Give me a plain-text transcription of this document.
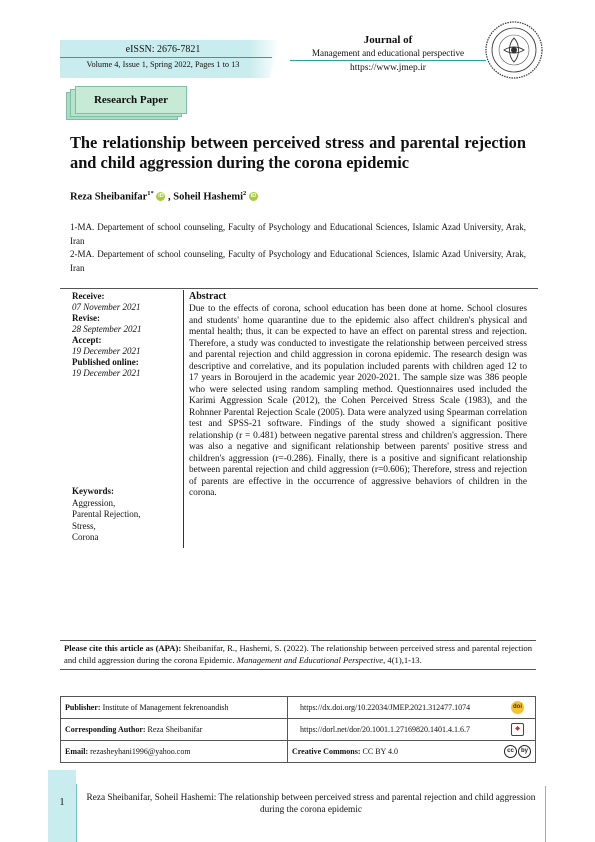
eISSN: 2676-7821
Volume 4, Issue 1, Spring 2022, Pages 1 to 13
Journal of
Management and educational perspective
https://www.jmep.ir
Research Paper
The relationship between perceived stress and parental rejection and child aggression during the corona epidemic
Reza Sheibanifar$^{1*}$ iD , Soheil Hashemi$^2$ iD
1-MA. Departement of school counseling, Faculty of Psychology and Educational Sciences, Islamic Azad University, Arak, Iran
2-MA. Departement of school counseling, Faculty of Psychology and Educational Sciences, Islamic Azad University, Arak, Iran
Receive:
07 November 2021
Revise:
28 September 2021
Accept:
19 December 2021
Published online:
19 December 2021
Keywords:
Aggression,
Parental Rejection,
Stress,
Corona
Abstract
Due to the effects of corona, school education has been done at home. School closures and students' home quarantine due to the epidemic also affect children's physical and mental health; thus, it can be expected to have an effect on parental stress and rejection. Therefore, a study was conducted to investigate the relationship between perceived stress and parental rejection and child aggression in corona epidemic. The research design was descriptive and correlative, and its population included parents with children aged 12 to 17 years in Boroujerd in the academic year 2020-2021. The sample size was 386 people who were selected using random sampling method. Questionnaires used included the Karimi Aggression Scale (2012), the Cohen Perceived Stress Scale (1983), and the Rohnner Parental Rejection Scale (2005). Data were analyzed using Spearman correlation test and SPSS-21 software. Findings of the study showed a significant positive relationship (r = 0.481) between negative parental stress and children's aggression. There was also a negative and significant relationship between parents' positive stress and children's aggression (r=-0.286). Finally, there is a positive and significant relationship between parental rejection and child aggression (r=0.606); Therefore, stress and rejection of parents are effective in the occurrence of aggressive behaviors of children in the corona.
Please cite this article as (APA): Sheibanifar, R., Hashemi, S. (2022). The relationship between perceived stress and parental rejection and child aggression during the corona Epidemic. Management and Educational Perspective, 4(1),1-13.
Publisher: Institute of Management fekrenoandish	https://dx.doi.org/10.22034/JMEP.2021.312477.1074	doi
Corresponding Author: Reza Sheibanifar	https://dorl.net/dor/20.1001.1.27169820.1401.4.1.6.7	◈
Email: rezasheyhani1996@yahoo.com	Creative Commons: CC BY 4.0	cc by
1	Reza Sheibanifar, Soheil Hashemi: The relationship between perceived stress and parental rejection and child aggression during the corona epidemic
